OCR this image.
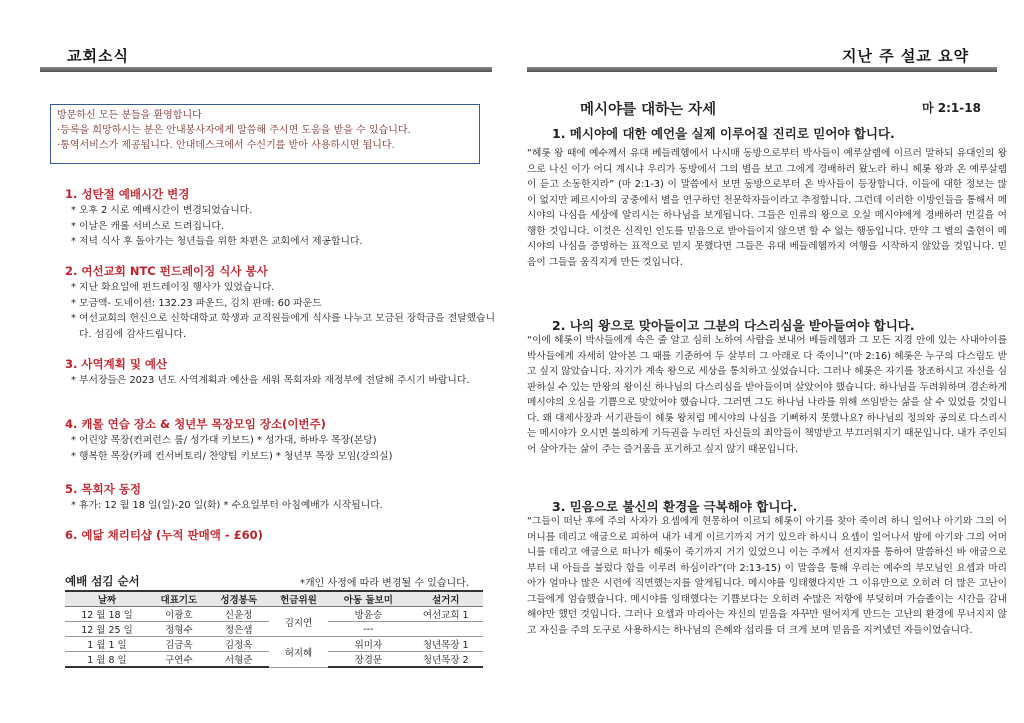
교회소식
방문하신 모든 분들을 환영합니다
·등록을 희망하시는 분은 안내봉사자에게 말씀해 주시면 도움을 받을 수 있습니다.
·통역서비스가 제공됩니다. 안내데스크에서 수신기를 받아 사용하시면 됩니다.
1. 성탄절 예배시간 변경
* 오후 2 시로 예배시간이 변경되었습니다.
* 이날은 캐롤 서비스로 드려집니다.
* 저녁 식사 후 돌아가는 청년들을 위한 차편은 교회에서 제공합니다.
2. 여선교회 NTC 펀드레이징 식사 봉사
* 지난 화요일에 펀드레이징 행사가 있었습니다.
* 모금액- 도네이션: 132.23 파운드, 김치 판매: 60 파운드
* 여선교회의 헌신으로 신학대학교 학생과 교직원들에게 식사를 나누고 모금된 장학금을 전달했습니다. 섬김에 감사드립니다.
3. 사역계획 및 예산
* 부서장들은 2023 년도 사역계획과 예산을 세워 목회자와 재정부에 전달해 주시기 바랍니다.
4. 캐롤 연습 장소 & 청년부 목장모임 장소(이번주)
* 어린양 목장(컨퍼런스 룸/ 성가대 키보드) * 성가대, 하바우 목장(본당)
* 행복한 목장(카페 컨서버토리/ 찬양팀 키보드) * 청년부 목장 모임(강의실)
5. 목회자 동정
* 휴가: 12 월 18 일(일)-20 일(화) * 수요일부터 아침예배가 시작됩니다.
6. 예닮 채리티샵 (누적 판매액 - £60)
예배 섬김 순서	*개인 사정에 따라 변경될 수 있습니다.
날짜	대표기도	성경봉독	헌금위원	아동 돌보미	설거지
12 월 18 일	이광호	신윤정	김지연	방윤승	여선교회 1
12 월 25 일	정형수	정은샘		---	
1 월 1 일	김금옥	김정옥	허지혜	위미자	청년목장 1
1 월 8 일	구연수	서형준		장경문	청년목장 2
지난 주 설교 요약
메시야를 대하는 자세	마 2:1-18
1. 메시야에 대한 예언을 실제 이루어질 진리로 믿어야 합니다.
“헤롯 왕 때에 예수께서 유대 베들레헴에서 나시매 동방으로부터 박사들이 예루살렘에 이르러 말하되 유대인의 왕으로 나신 이가 어디 계시냐 우리가 동방에서 그의 별을 보고 그에게 경배하러 왔노라 하니 헤롯 왕과 온 예루살렘이 듣고 소동한지라” (마 2:1-3) 이 말씀에서 보면 동방으로부터 온 박사들이 등장합니다. 이들에 대한 정보는 많이 없지만 페르시아의 궁중에서 별을 연구하던 천문학자들이라고 추정합니다. 그런데 이러한 이방인들을 통해서 메시야의 나심을 세상에 알리시는 하나님을 보게됩니다. 그들은 인류의 왕으로 오실 메시야에게 경배하러 먼길을 여행한 것입니다. 이것은 신적인 인도를 믿음으로 받아들이지 않으면 할 수 없는 행동입니다. 만약 그 별의 출현이 메시야의 나심을 증명하는 표적으로 믿지 못했다면 그들은 유대 베들레헴까지 여행을 시작하지 않았을 것입니다. 믿음이 그들을 움직지게 만든 것입니다.
2. 나의 왕으로 맞아들이고 그분의 다스리심을 받아들여야 합니다.
“이에 헤롯이 박사들에게 속은 줄 알고 심히 노하여 사람을 보내어 베들레헴과 그 모든 지경 안에 있는 사내아이를 박사들에게 자세히 알아본 그 때를 기준하여 두 살부터 그 아래로 다 죽이니”(마 2:16) 헤롯은 누구의 다스림도 받고 싶지 않았습니다. 자기가 계속 왕으로 세상을 통치하고 싶었습니다. 그러나 헤롯은 자기를 창조하시고 자신을 심판하실 수 있는 만왕의 왕이신 하나님의 다스리심을 받아들이며 살았어야 했습니다. 하나님을 두려워하며 겸손하게 메시야의 오심을 기쁨으로 맞았어야 했습니다. 그러면 그도 하나님 나라를 위해 쓰임받는 삶을 살 수 있었을 것입니다. 왜 대제사장과 서기관들이 헤롯 왕처럼 메시야의 나심을 기뻐하지 못했나요? 하나님의 정의와 공의로 다스리시는 메시야가 오시면 불의하게 기득권을 누리던 자신들의 죄악들이 책망받고 부끄러워지기 때문입니다. 내가 주인되어 살아가는 삶이 주는 즐거움을 포기하고 싶지 않기 때문입니다.
3. 믿음으로 불신의 환경을 극복해야 합니다.
“그들이 떠난 후에 주의 사자가 요셉에게 현몽하여 이르되 헤롯이 아기를 찾아 죽이려 하니 일어나 아기와 그의 어머니를 데리고 애굽으로 피하여 내가 네게 이르기까지 거기 있으라 하시니 요셉이 일어나서 밤에 아기와 그의 어머니를 데리고 애굽으로 떠나가 헤롯이 죽기까지 거기 있었으니 이는 주께서 선지자를 통하여 말씀하신 바 애굽으로부터 내 아들을 불렀다 함을 이루려 하심이라”(마 2:13-15) 이 말씀을 통해 우리는 예수의 부모님인 요셉과 마리아가 얼마나 많은 시련에 직면했는지를 알게됩니다. 메시야를 잉태했다지만 그 이유만으로 오히려 더 많은 고난이 그들에게 엄습했습니다. 메시야를 잉태했다는 기쁨보다는 오히려 수많은 저항에 부딪히며 가슴졸이는 시간을 감내해야만 했던 것입니다. 그러나 요셉과 마리아는 자신의 믿음을 자꾸만 떨어지게 만드는 고난의 환경에 무너지지 않고 자신을 주의 도구로 사용하시는 하나님의 은혜와 섭리를 더 크게 보며 믿음을 지켜냈던 자들이었습니다.
